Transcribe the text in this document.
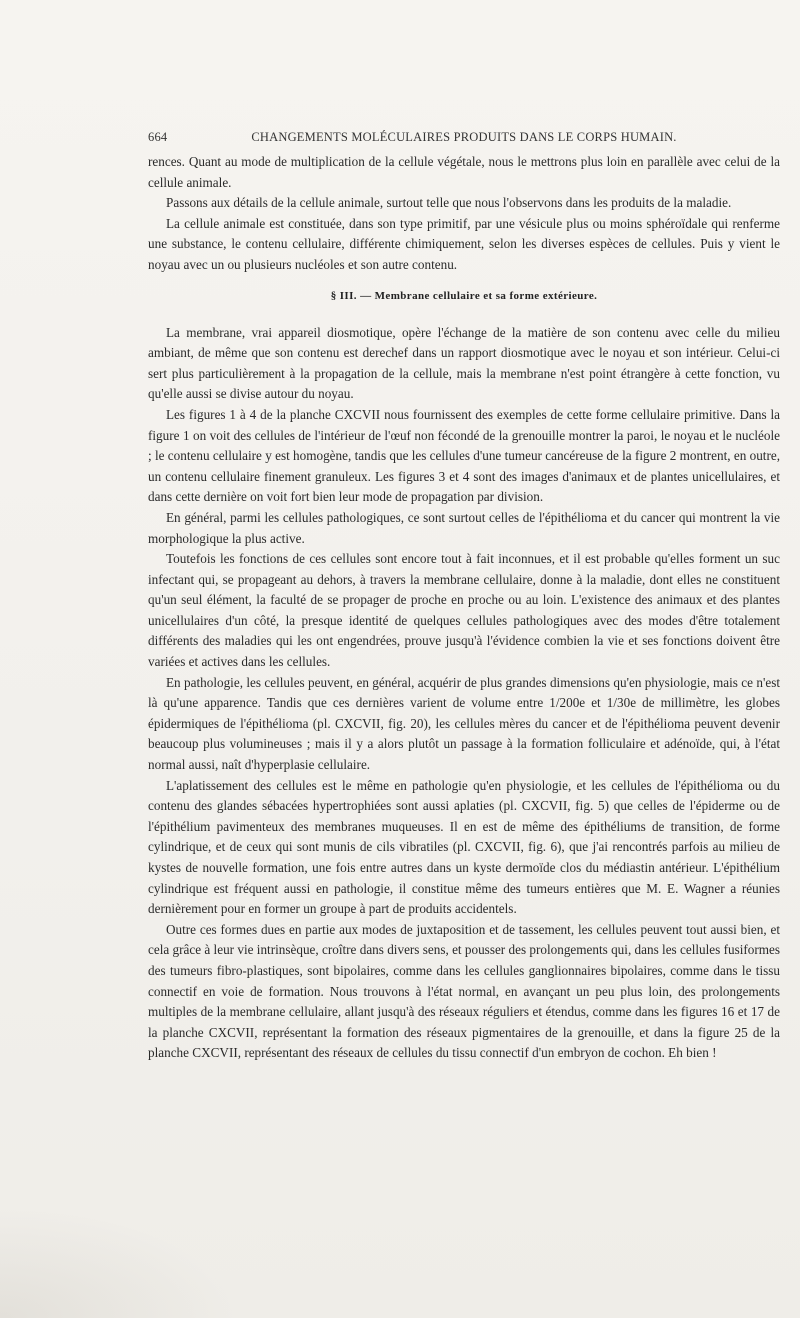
664	CHANGEMENTS MOLÉCULAIRES PRODUITS DANS LE CORPS HUMAIN.

rences. Quant au mode de multiplication de la cellule végétale, nous le mettrons plus loin en parallèle avec celui de la cellule animale.

Passons aux détails de la cellule animale, surtout telle que nous l'observons dans les produits de la maladie.

La cellule animale est constituée, dans son type primitif, par une vésicule plus ou moins sphéroïdale qui renferme une substance, le contenu cellulaire, différente chimiquement, selon les diverses espèces de cellules. Puis y vient le noyau avec un ou plusieurs nucléoles et son autre contenu.

§ III. — Membrane cellulaire et sa forme extérieure.

La membrane, vrai appareil diosmotique, opère l'échange de la matière de son contenu avec celle du milieu ambiant, de même que son contenu est derechef dans un rapport diosmotique avec le noyau et son intérieur. Celui-ci sert plus particulièrement à la propagation de la cellule, mais la membrane n'est point étrangère à cette fonction, vu qu'elle aussi se divise autour du noyau.

Les figures 1 à 4 de la planche CXCVII nous fournissent des exemples de cette forme cellulaire primitive. Dans la figure 1 on voit des cellules de l'intérieur de l'œuf non fécondé de la grenouille montrer la paroi, le noyau et le nucléole ; le contenu cellulaire y est homogène, tandis que les cellules d'une tumeur cancéreuse de la figure 2 montrent, en outre, un contenu cellulaire finement granuleux. Les figures 3 et 4 sont des images d'animaux et de plantes unicellulaires, et dans cette dernière on voit fort bien leur mode de propagation par division.

En général, parmi les cellules pathologiques, ce sont surtout celles de l'épithélioma et du cancer qui montrent la vie morphologique la plus active.

Toutefois les fonctions de ces cellules sont encore tout à fait inconnues, et il est probable qu'elles forment un suc infectant qui, se propageant au dehors, à travers la membrane cellulaire, donne à la maladie, dont elles ne constituent qu'un seul élément, la faculté de se propager de proche en proche ou au loin. L'existence des animaux et des plantes unicellulaires d'un côté, la presque identité de quelques cellules pathologiques avec des modes d'être totalement différents des maladies qui les ont engendrées, prouve jusqu'à l'évidence combien la vie et ses fonctions doivent être variées et actives dans les cellules.

En pathologie, les cellules peuvent, en général, acquérir de plus grandes dimensions qu'en physiologie, mais ce n'est là qu'une apparence. Tandis que ces dernières varient de volume entre 1/200e et 1/30e de millimètre, les globes épidermiques de l'épithélioma (pl. CXCVII, fig. 20), les cellules mères du cancer et de l'épithélioma peuvent devenir beaucoup plus volumineuses ; mais il y a alors plutôt un passage à la formation folliculaire et adénoïde, qui, à l'état normal aussi, naît d'hyperplasie cellulaire.

L'aplatissement des cellules est le même en pathologie qu'en physiologie, et les cellules de l'épithélioma ou du contenu des glandes sébacées hypertrophiées sont aussi aplaties (pl. CXCVII, fig. 5) que celles de l'épiderme ou de l'épithélium pavimenteux des membranes muqueuses. Il en est de même des épithéliums de transition, de forme cylindrique, et de ceux qui sont munis de cils vibratiles (pl. CXCVII, fig. 6), que j'ai rencontrés parfois au milieu de kystes de nouvelle formation, une fois entre autres dans un kyste dermoïde clos du médiastin antérieur. L'épithélium cylindrique est fréquent aussi en pathologie, il constitue même des tumeurs entières que M. E. Wagner a réunies dernièrement pour en former un groupe à part de produits accidentels.

Outre ces formes dues en partie aux modes de juxtaposition et de tassement, les cellules peuvent tout aussi bien, et cela grâce à leur vie intrinsèque, croître dans divers sens, et pousser des prolongements qui, dans les cellules fusiformes des tumeurs fibro-plastiques, sont bipolaires, comme dans les cellules ganglionnaires bipolaires, comme dans le tissu connectif en voie de formation. Nous trouvons à l'état normal, en avançant un peu plus loin, des prolongements multiples de la membrane cellulaire, allant jusqu'à des réseaux réguliers et étendus, comme dans les figures 16 et 17 de la planche CXCVII, représentant la formation des réseaux pigmentaires de la grenouille, et dans la figure 25 de la planche CXCVII, représentant des réseaux de cellules du tissu connectif d'un embryon de cochon. Eh bien !
